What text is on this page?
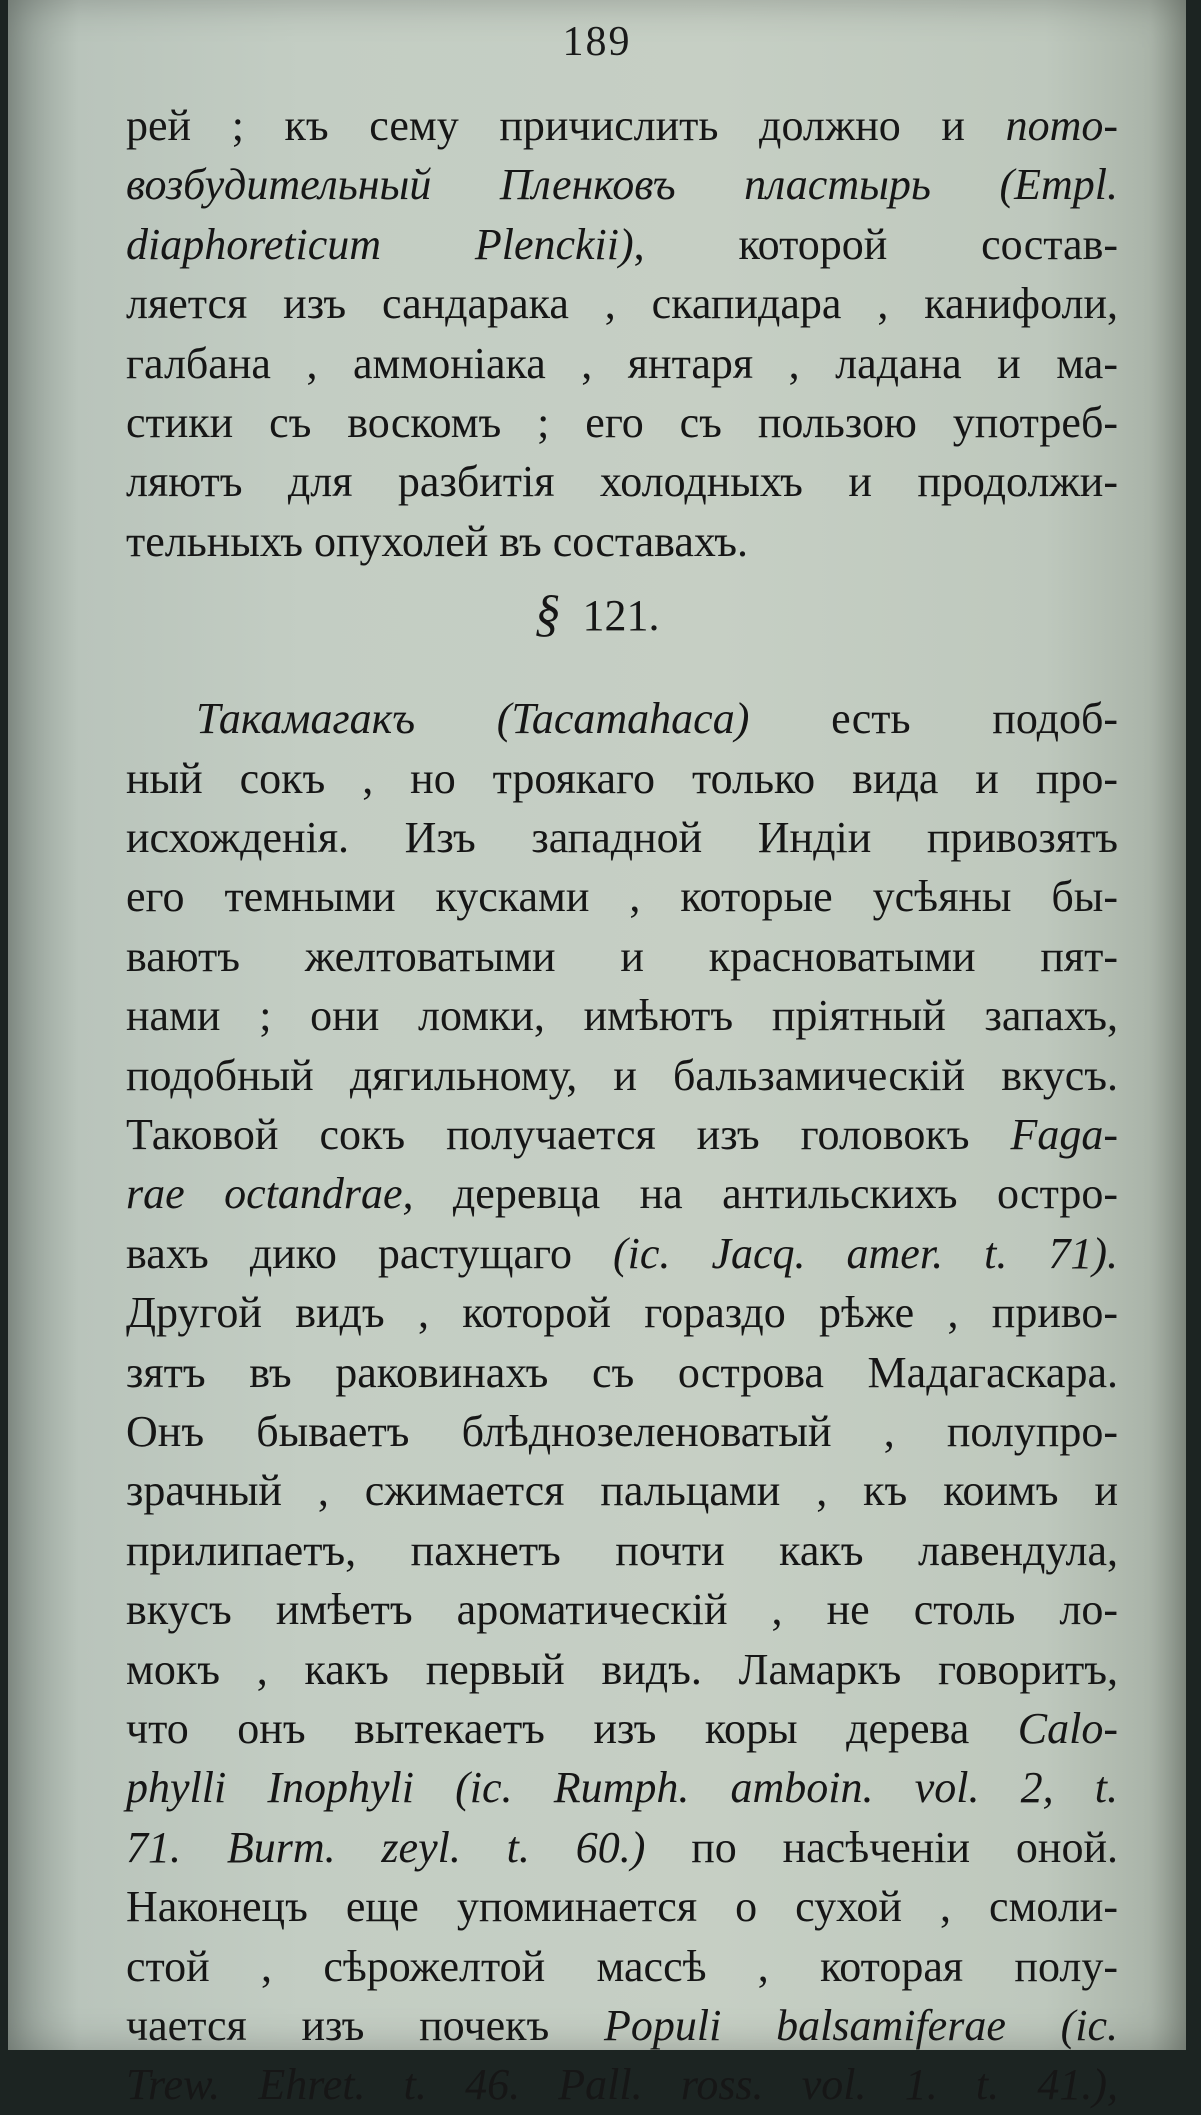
189
рей ; къ сему причислить должно и пото-
возбудительный Пленковъ пластырь (Empl.
diaphoreticum Plenckii), которой состав-
ляется изъ сандарака , скапидара , канифоли,
галбана , аммоніака , янтаря , ладана и ма-
стики съ воскомъ ; его съ пользою употреб-
ляютъ для разбитія холодныхъ и продолжи-
тельныхъ опухолей въ составахъ.
Такамагакъ (Tacamahaca) есть подоб-
ный сокъ , но троякаго только вида и про-
исхожденія. Изъ западной Индіи привозятъ
его темными кусками , которые усѣяны бы-
ваютъ желтоватыми и красноватыми пят-
нами ; они ломки, имѣютъ пріятный запахъ,
подобный дягильному, и бальзамическій вкусъ.
Таковой сокъ получается изъ головокъ Faga-
rae octandrae, деревца на антильскихъ остро-
вахъ дико растущаго (ic. Jacq. amer. t. 71).
Другой видъ , которой гораздо рѣже , приво-
зятъ въ раковинахъ съ острова Мадагаскара.
Онъ бываетъ блѣднозеленоватый , полупро-
зрачный , сжимается пальцами , къ коимъ и
прилипаетъ, пахнетъ почти какъ лавендула,
вкусъ имѣетъ ароматическій , не столь ло-
мокъ , какъ первый видъ. Ламаркъ говоритъ,
что онъ вытекаетъ изъ коры дерева Calo-
phylli Inophyli (ic. Rumph. amboin. vol. 2, t.
71. Burm. zeyl. t. 60.) по насѣченіи оной.
Наконецъ еще упоминается о сухой , смоли-
стой , сѣрожелтой массѣ , которая полу-
чается изъ почекъ Populi balsamiferae (ic.
Trew. Ehret. t. 46. Pall. ross. vol. 1. t. 41.),
§ 121.
